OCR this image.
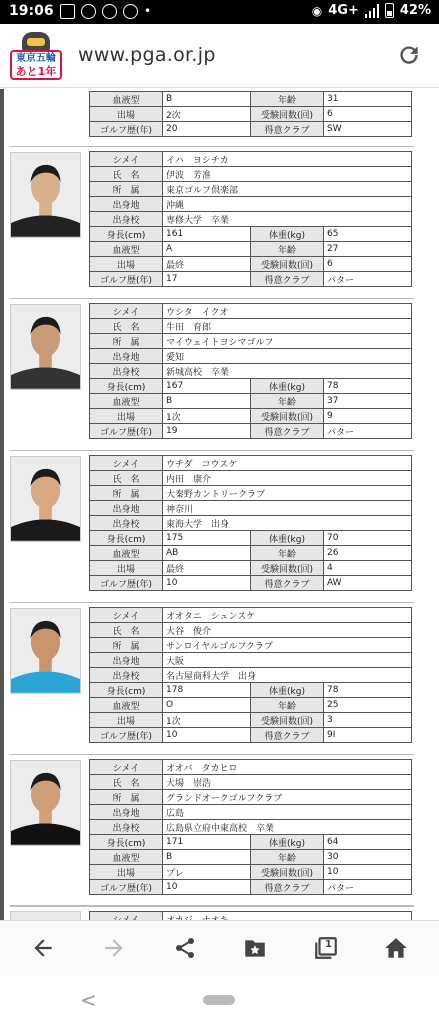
19:06	•	◉ 4G+	42%
東京五輪
あと1年
www.pga.or.jp
血液型	B	年齢	31
出場	2次	受験回数(回)	6
ゴルフ歴(年)	20	得意クラブ	SW
シメイ	イハ　ヨシチカ		
氏　名	伊波　芳准		
所　属	東京ゴルフ倶楽部		
出身地	沖縄		
出身校	専修大学　卒業		
身長(cm)	161	体重(kg)	65
血液型	A	年齢	27
出場	最終	受験回数(回)	6
ゴルフ歴(年)	17	得意クラブ	パター
シメイ	ウシタ　イクオ		
氏　名	牛田　育郎		
所　属	マイウェイトヨシマゴルフ		
出身地	愛知		
出身校	新城高校　卒業		
身長(cm)	167	体重(kg)	78
血液型	B	年齢	37
出場	1次	受験回数(回)	9
ゴルフ歴(年)	19	得意クラブ	パター
シメイ	ウチダ　コウスケ		
氏　名	内田　康介		
所　属	大秦野カントリークラブ		
出身地	神奈川		
出身校	東海大学　出身		
身長(cm)	175	体重(kg)	70
血液型	AB	年齢	26
出場	最終	受験回数(回)	4
ゴルフ歴(年)	10	得意クラブ	AW
シメイ	オオタニ　シュンスケ		
氏　名	大谷　俊介		
所　属	サンロイヤルゴルフクラブ		
出身地	大阪		
出身校	名古屋商科大学　出身		
身長(cm)	178	体重(kg)	78
血液型	O	年齢	25
出場	1次	受験回数(回)	3
ゴルフ歴(年)	10	得意クラブ	9I
シメイ	オオバ　タカヒロ		
氏　名	大場　崇浩		
所　属	グランドオークゴルフクラブ		
出身地	広島		
出身校	広島県立府中東高校　卒業		
身長(cm)	171	体重(kg)	64
血液型	B	年齢	30
出場	プレ	受験回数(回)	10
ゴルフ歴(年)	10	得意クラブ	パター

1
<
